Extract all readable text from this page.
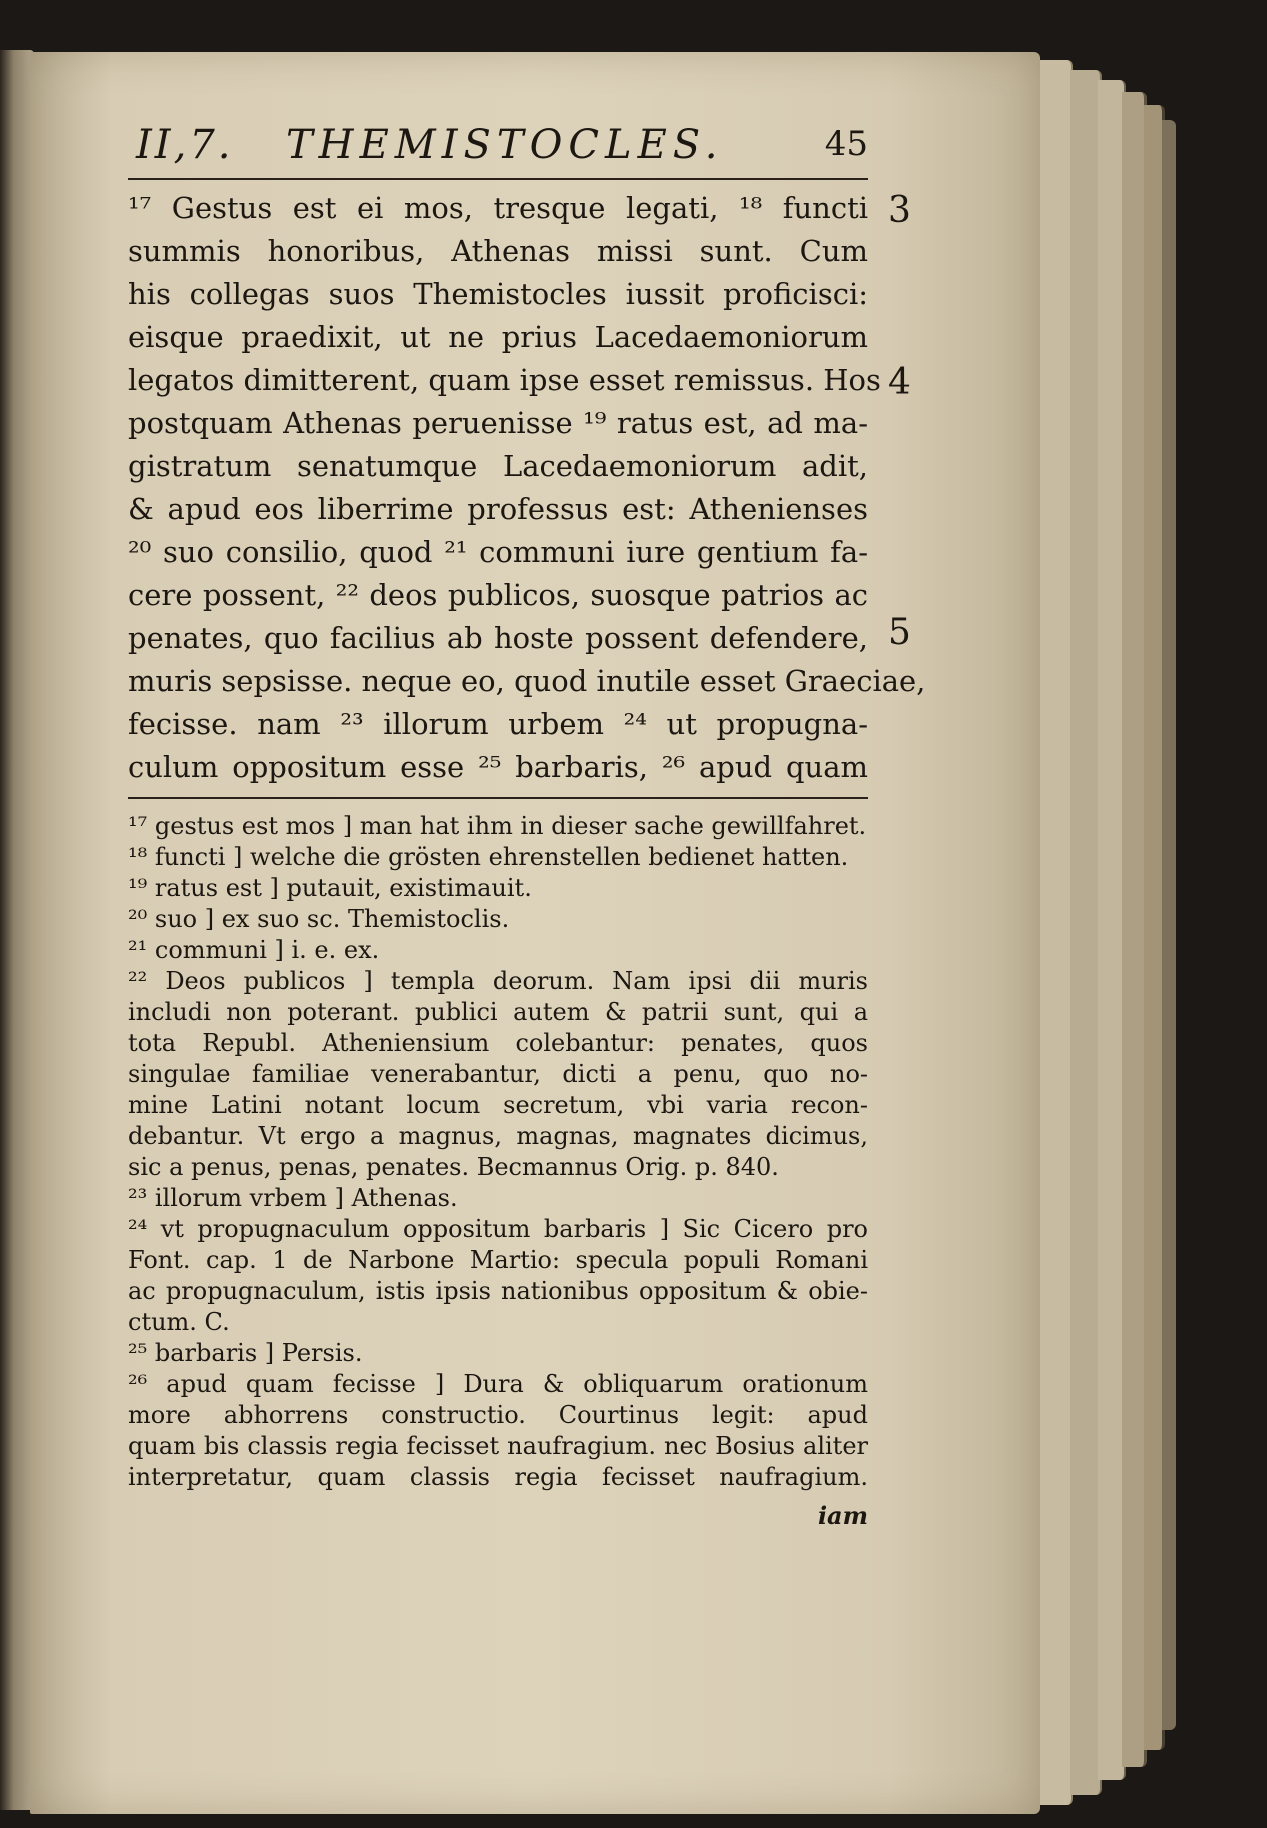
II,7. THEMISTOCLES.	45
¹⁷ Gestus est ei mos, tresque legati, ¹⁸ functi
summis honoribus, Athenas missi sunt. Cum
his collegas suos Themistocles iussit proficisci:
eisque praedixit, ut ne prius Lacedaemoniorum
legatos dimitterent, quam ipse esset remissus. Hos
postquam Athenas peruenisse ¹⁹ ratus est, ad ma-
gistratum senatumque Lacedaemoniorum adit,
& apud eos liberrime professus est: Athenienses
²⁰ suo consilio, quod ²¹ communi iure gentium fa-
cere possent, ²² deos publicos, suosque patrios ac
penates, quo facilius ab hoste possent defendere,
muris sepsisse. neque eo, quod inutile esset Graeciae,
fecisse. nam ²³ illorum urbem ²⁴ ut propugna-
culum oppositum esse ²⁵ barbaris, ²⁶ apud quam
3
4
5
¹⁷ gestus est mos ] man hat ihm in dieser sache gewillfahret.
¹⁸ functi ] welche die grösten ehrenstellen bedienet hatten.
¹⁹ ratus est ] putauit, existimauit.
²⁰ suo ] ex suo sc. Themistoclis.
²¹ communi ] i. e. ex.
²² Deos publicos ] templa deorum. Nam ipsi dii muris
includi non poterant. publici autem & patrii sunt, qui a
tota Republ. Atheniensium colebantur: penates, quos
singulae familiae venerabantur, dicti a penu, quo no-
mine Latini notant locum secretum, vbi varia recon-
debantur. Vt ergo a magnus, magnas, magnates dicimus,
sic a penus, penas, penates. Becmannus Orig. p. 840.
²³ illorum vrbem ] Athenas.
²⁴ vt propugnaculum oppositum barbaris ] Sic Cicero pro
Font. cap. 1 de Narbone Martio: specula populi Romani
ac propugnaculum, istis ipsis nationibus oppositum & obie-
ctum. C.
²⁵ barbaris ] Persis.
²⁶ apud quam fecisse ] Dura & obliquarum orationum
more abhorrens constructio. Courtinus legit: apud
quam bis classis regia fecisset naufragium. nec Bosius aliter
interpretatur, quam classis regia fecisset naufragium.
iam
